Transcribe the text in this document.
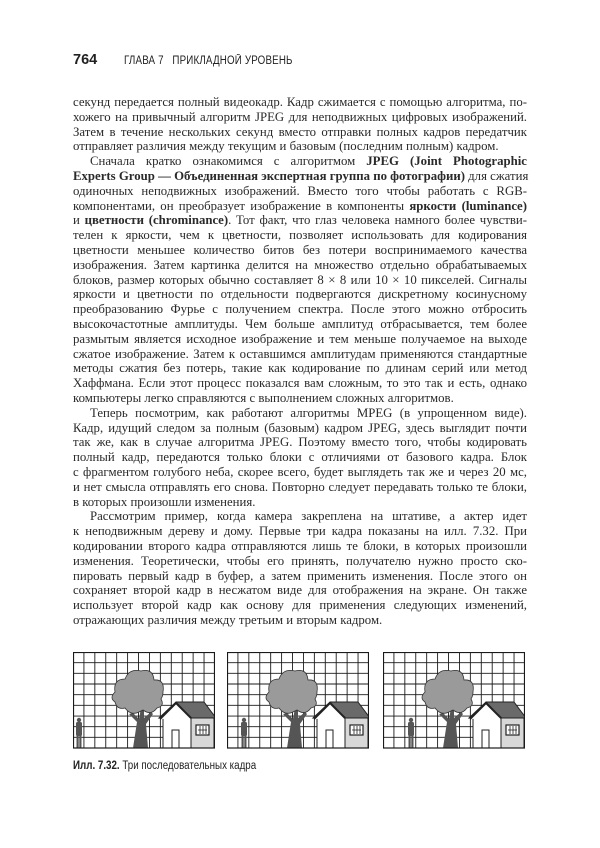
764	ГЛАВА 7   ПРИКЛАДНОЙ УРОВЕНЬ
секунд передается полный видеокадр. Кадр сжимается с помощью алгоритма, по-
хожего на привычный алгоритм JPEG для неподвижных цифровых изображений.
Затем в течение нескольких секунд вместо отправки полных кадров передатчик
отправляет различия между текущим и базовым (последним полным) кадром.
Сначала кратко ознакомимся с алгоритмом JPEG (Joint Photographic
Experts Group — Объединенная экспертная группа по фотографии) для сжатия
одиночных неподвижных изображений. Вместо того чтобы работать с RGB-
компонентами, он преобразует изображение в компоненты яркости (luminance)
и цветности (chrominance). Тот факт, что глаз человека намного более чувстви-
телен к яркости, чем к цветности, позволяет использовать для кодирования
цветности меньшее количество битов без потери воспринимаемого качества
изображения. Затем картинка делится на множество отдельно обрабатываемых
блоков, размер которых обычно составляет 8 × 8 или 10 × 10 пикселей. Сигналы
яркости и цветности по отдельности подвергаются дискретному косинусному
преобразованию Фурье с получением спектра. После этого можно отбросить
высокочастотные амплитуды. Чем больше амплитуд отбрасывается, тем более
размытым является исходное изображение и тем меньше получаемое на выходе
сжатое изображение. Затем к оставшимся амплитудам применяются стандартные
методы сжатия без потерь, такие как кодирование по длинам серий или метод
Хаффмана. Если этот процесс показался вам сложным, то это так и есть, однако
компьютеры легко справляются с выполнением сложных алгоритмов.
Теперь посмотрим, как работают алгоритмы MPEG (в упрощенном виде).
Кадр, идущий следом за полным (базовым) кадром JPEG, здесь выглядит почти
так же, как в случае алгоритма JPEG. Поэтому вместо того, чтобы кодировать
полный кадр, передаются только блоки с отличиями от базового кадра. Блок
с фрагментом голубого неба, скорее всего, будет выглядеть так же и через 20 мс,
и нет смысла отправлять его снова. Повторно следует передавать только те блоки,
в которых произошли изменения.
Рассмотрим пример, когда камера закреплена на штативе, а актер идет
к неподвижным дереву и дому. Первые три кадра показаны на илл. 7.32. При
кодировании второго кадра отправляются лишь те блоки, в которых произошли
изменения. Теоретически, чтобы его принять, получателю нужно просто ско-
пировать первый кадр в буфер, а затем применить изменения. После этого он
сохраняет второй кадр в несжатом виде для отображения на экране. Он также
использует второй кадр как основу для применения следующих изменений,
отражающих различия между третьим и вторым кадром.
Илл. 7.32. Три последовательных кадра
